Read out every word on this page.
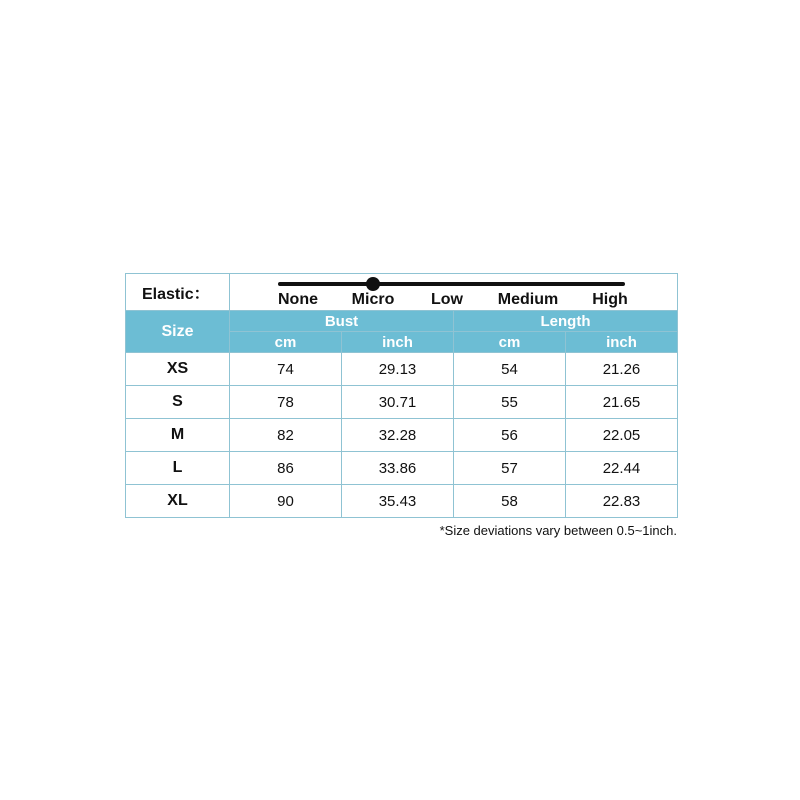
Elastic：	None Micro Low Medium High			

Size	Bust		Length	
	cm	inch	cm	inch
XS	74	29.13	54	21.26
S	78	30.71	55	21.65
M	82	32.28	56	22.05
L	86	33.86	57	22.44
XL	90	35.43	58	22.83
*Size deviations vary between 0.5~1inch.
